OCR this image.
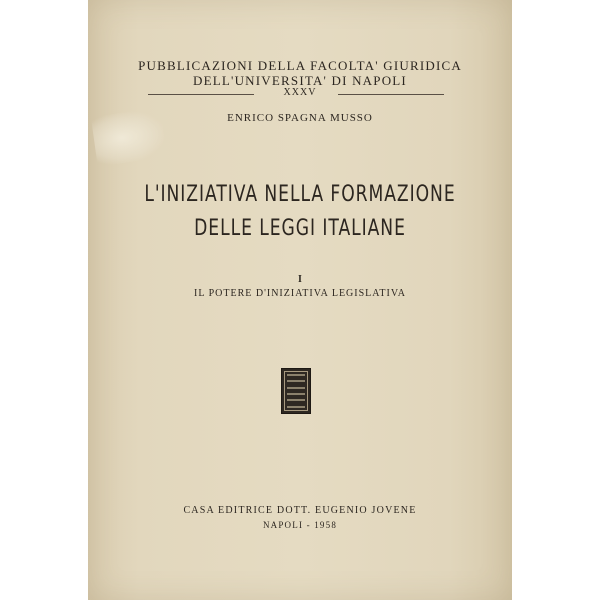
PUBBLICAZIONI DELLA FACOLTA' GIURIDICA
DELL'UNIVERSITA' DI NAPOLI
XXXV
ENRICO SPAGNA MUSSO
L'INIZIATIVA NELLA FORMAZIONE
DELLE LEGGI ITALIANE
I
IL POTERE D'INIZIATIVA LEGISLATIVA
CASA EDITRICE DOTT. EUGENIO JOVENE
NAPOLI - 1958
